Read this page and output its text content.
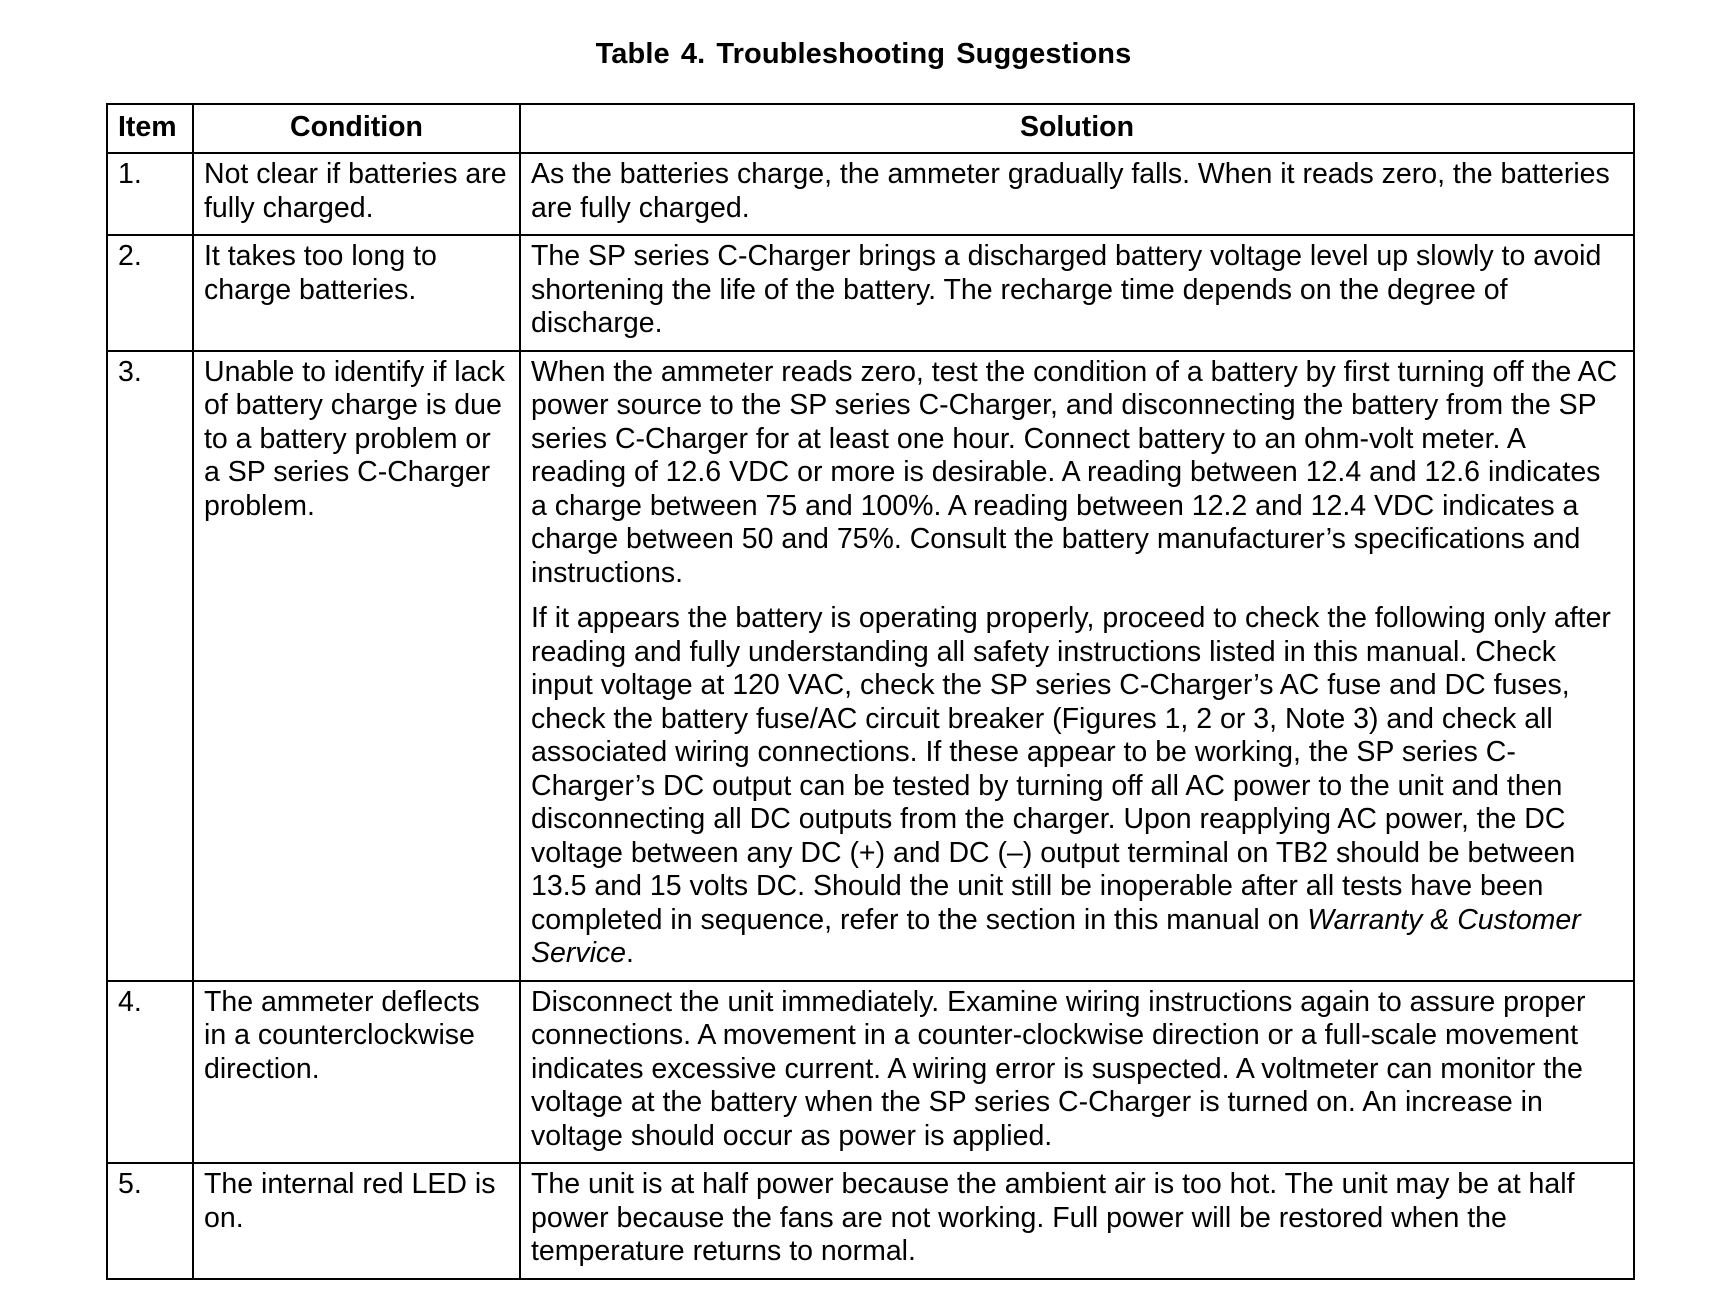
Table 4. Troubleshooting Suggestions
Item	Condition	Solution
1.	Not clear if batteries are fully charged.	As the batteries charge, the ammeter gradually falls. When it reads zero, the batteries are fully charged.
2.	It takes too long to charge batteries.	The SP series C-Charger brings a discharged battery voltage level up slowly to avoid shortening the life of the battery. The recharge time depends on the degree of discharge.
3.	Unable to identify if lack of battery charge is due to a battery problem or a SP series C-Charger problem.	When the ammeter reads zero, test the condition of a battery by first turning off the AC power source to the SP series C-Charger, and disconnecting the battery from the SP series C-Charger for at least one hour. Connect battery to an ohm-volt meter. A reading of 12.6 VDC or more is desirable. A reading between 12.4 and 12.6 indicates a charge between 75 and 100%. A reading between 12.2 and 12.4 VDC indicates a charge between 50 and 75%. Consult the battery manufacturer’s specifications and instructions.
If it appears the battery is operating properly, proceed to check the following only after reading and fully understanding all safety instructions listed in this manual. Check input voltage at 120 VAC, check the SP series C-Charger’s AC fuse and DC fuses, check the battery fuse/AC circuit breaker (Figures 1, 2 or 3, Note 3) and check all associated wiring connections. If these appear to be working, the SP series C-Charger’s DC output can be tested by turning off all AC power to the unit and then disconnecting all DC outputs from the charger. Upon reapplying AC power, the DC voltage between any DC (+) and DC (–) output terminal on TB2 should be between 13.5 and 15 volts DC. Should the unit still be inoperable after all tests have been completed in sequence, refer to the section in this manual on Warranty & Customer Service.

4.	The ammeter deflects in a counterclockwise direction.	Disconnect the unit immediately. Examine wiring instructions again to assure proper connections. A movement in a counter-clockwise direction or a full-scale movement indicates excessive current. A wiring error is suspected. A voltmeter can monitor the voltage at the battery when the SP series C-Charger is turned on. An increase in voltage should occur as power is applied.
5.	The internal red LED is on.	The unit is at half power because the ambient air is too hot. The unit may be at half power because the fans are not working. Full power will be restored when the temperature returns to normal.
